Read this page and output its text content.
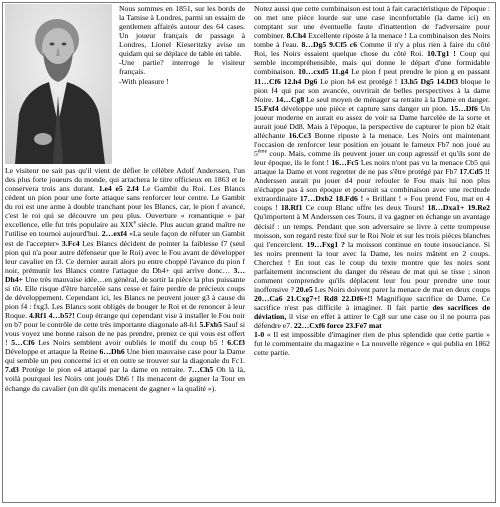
Nous sommes en 1851, sur les bords de la Tamise à Londres, parmi un essaim de gentlemen affairés autour des 64 cases. Un joueur français de passage à Londres, Lionel Kieseritzky avise un quidam qui se déplace de table en table.

-Une partie? interroge le visiteur français.

-With pleasure !

Le visiteur ne sait pas qu'il vient de défier le célèbre Adolf Anderssen, l'un des plus forte joueurs du monde, qui arrachera le titre officieux en 1863 et le conservera trois ans durant. 1.e4 e5 2.f4 Le Gambit du Roi. Les Blancs cèdent un pion pour une forte attaque sans renforcer leur centre. Le Gambit du roi est une arme à double tranchant pour les Blancs, car, le pion f avancé, c'est le roi qui se découvre un peu plus. Ouverture « romantique » par excellence, elle fut très populaire au XIXe siècle. Plus aucun grand maître ne l'utilise en tournoi aujourd'hui. 2…exf4 «La seule façon de réfuter un Gambit est de l'accepter» 3.Fc4 Les Blancs décident de pointer la faiblesse f7 (seul pion qui n'a pour autre défenseur que le Roi) avec le Fou avant de développer leur cavalier en f3. Ce dernier aurait alors pu entre choppé l'avance du pion f noir, prémunir les Blancs contre l'attaque du Dh4+ qui arrive donc… 3…Dh4+ Une très mauvaise idée…en général, de sortir la pièce la plus puissante si tôt. Elle risque d'être harcelée sans cesse et faire perdre de précieux coups de développement. Cependant ici, les Blancs ne peuvent jouer g3 à cause du pion f4 : fxg3. Les Blancs sont obligés de bouger le Roi et de renoncer à leur Roque. 4.Rf1 4…b5?! Coup étrange qui cependant vise à installer le Fou noir en b7 pour le contrôle de cette très importante diagonale a8-h1 5.Fxb5 Sauf si vous voyez une bonne raison de ne pas prendre, prenez ce qui vous est offert ! 5…Cf6 Les Noirs semblent avoir oubliés le motif du coup b5 ! 6.Cf3 Développe et attaque la Reine 6…Dh6 Une bien mauvaise case pour la Dame qui semble un peu concerné ici et en outre se trouver sur la diagonale du Fc1. 7.d3 Protège le pion e4 attaqué par la dame en retraite. 7…Ch5 Oh là là, voilà pourquoi les Noirs ont joués Dh6 ! Ils menacent de gagner la Tour en échange du cavalier (on dit qu'ils menacent de gagner « la qualité »).

Notez aussi que cette combinaison est tout à fait caractéristique de l'époque : on met une pièce lourde sur une case inconfortable (la dame ici) en comptant sur une éventuelle faute d'inattention de l'adversaire pour combiner. 8.Ch4 Excellente riposte à la menace ! La combinaison des Noirs tombe à l'eau. 8…Dg5 9.Cf5 c6 Comme il n'y a plus rien à faire du côté Roi, les Noirs essaient quelque chose du côté Roi. 10.Tg1 ! Coup qui semble incompréhensible, mais qui donne le départ d'une formidable combinaison. 10…cxd5 11.g4 Le pion f peut prendre le pion g en passant 11…Cf6 12.h4 Dg6 Le pion h4 est protégé ! 13.h5 Dg5 14.Df3 bloque le pion f4 qui par son avancée, ouvrirait de belles perspectives à la dame Noire. 14…Cg8 Le seul moyen de ménager sa retraite à la Dame en danger. 15.Fxf4 développe une pièce et capture sans danger un pion. 15…Df6 Un joueur moderne en aurait eu assez de voir sa Dame harcelée de la sorte et aurait joué Dd8. Mais à l'époque, la perspective de capturer le pion b2 était alléchante 16.Cc3 Bonne riposte à la menace. Les Noirs ont maintenant l'occasion de renforcer leur position en jouant le fameux Fb7 non joué au 5ème coup. Mais, comme ils peuvent jouer un coup agressif et qu'ils sont de leur époque, ils le font ! 16…Fc5 Les noirs n'ont pas vu la menace Cb5 qui attaque la Dame et vont regretter de ne pas s'être protégé par Fb7 17.Cd5 !! Anderssen aurait pu jouer d4 pour refouler le Fou mais lui non plus n'échappe pas à son époque et poursuit sa combinaison avec une rectitude extraordinaire 17…Dxb2 18.Fd6 ! « Brillant ! » Fou prend Fou, mat en 4 coups ! 18.Rf1 Ce coup Blanc offre les deux Tours! 18…Dxa1+ 19.Re2 Qu'importent à M Anderssen ces Tours, il va gagner en échange un avantage décisif : un temps. Pendant que son adversaire se livre à cette trompeuse moisson, son regard reste fixé sur le Roi Noir et sur les trois pièces blanches qui l'encerclent. 19…Fxg1 ? la moisson continue en toute insouciance. Si les noirs prennent la tour avec la Dame, les noirs mâtent en 2 coups. Cherchez ! En tout cas le coup du texte montre que les noirs sont parfaitement inconscient du danger du réseau de mat qui se tisse ; sinon comment comprendre qu'ils déplacent leur fou pour prendre une tour inoffensive ? 20.e5 Les Noirs doivent parer la menace de mat en deux coups 20…Ca6 21.Cxg7+! Rd8 22.Df6+!! Magnifique sacrifice de Dame. Ce sacrifice n'est pas difficile à imaginer. Il fait partie des sacrifices de déviation, il vise en effet à attirer le Cg8 sur une case ou il ne pourra pas défendre e7. 22…Cxf6 force 23.Fe7 mat

1-0 « Il est impossible d'imaginer rien de plus splendide que cette partie » fut le commentaire du magazine « La nouvelle régence » qui publia en 1862 cette partie.
